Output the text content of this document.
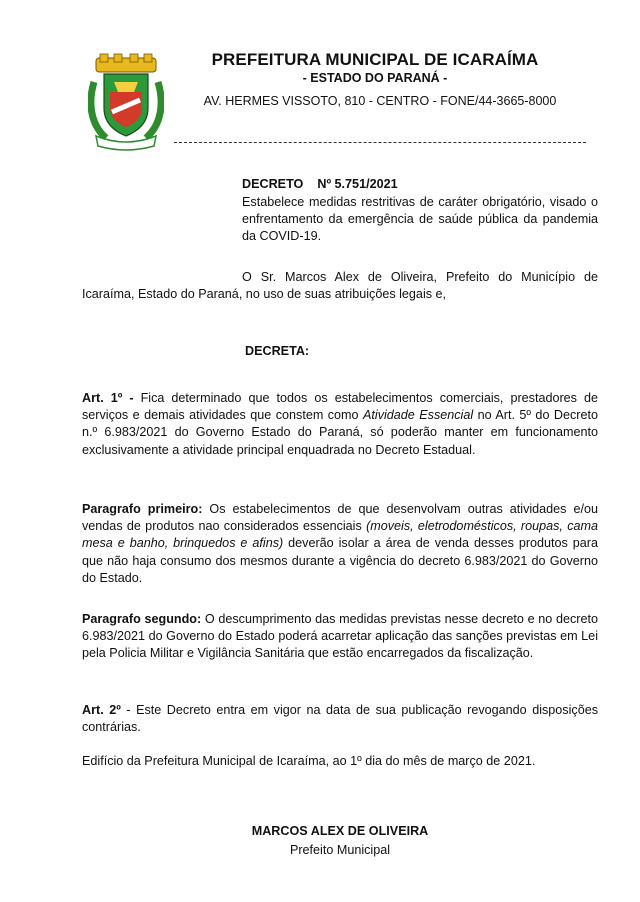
PREFEITURA MUNICIPAL DE ICARAÍMA
- ESTADO DO PARANÁ -
AV. HERMES VISSOTO, 810 - CENTRO - FONE/44-3665-8000
DECRETO Nº 5.751/2021

Estabelece medidas restritivas de caráter obrigatório, visado o enfrentamento da emergência de saúde pública da pandemia da COVID-19.

O Sr. Marcos Alex de Oliveira, Prefeito do Município de Icaraíma, Estado do Paraná, no uso de suas atribuições legais e,

DECRETA:

Art. 1º - Fica determinado que todos os estabelecimentos comerciais, prestadores de serviços e demais atividades que constem como Atividade Essencial no Art. 5º do Decreto n.º 6.983/2021 do Governo Estado do Paraná, só poderão manter em funcionamento exclusivamente a atividade principal enquadrada no Decreto Estadual.

Paragrafo primeiro: Os estabelecimentos de que desenvolvam outras atividades e/ou vendas de produtos nao considerados essenciais (moveis, eletrodomésticos, roupas, cama mesa e banho, brinquedos e afins) deverão isolar a área de venda desses produtos para que não haja consumo dos mesmos durante a vigência do decreto 6.983/2021 do Governo do Estado.

Paragrafo segundo: O descumprimento das medidas previstas nesse decreto e no decreto 6.983/2021 do Governo do Estado poderá acarretar aplicação das sanções previstas em Lei pela Policia Militar e Vigilância Sanitária que estão encarregados da fiscalização.

Art. 2º - Este Decreto entra em vigor na data de sua publicação revogando disposições contrárias.

Edifício da Prefeitura Municipal de Icaraíma, ao 1º dia do mês de março de 2021.

MARCOS ALEX DE OLIVEIRA
Prefeito Municipal
